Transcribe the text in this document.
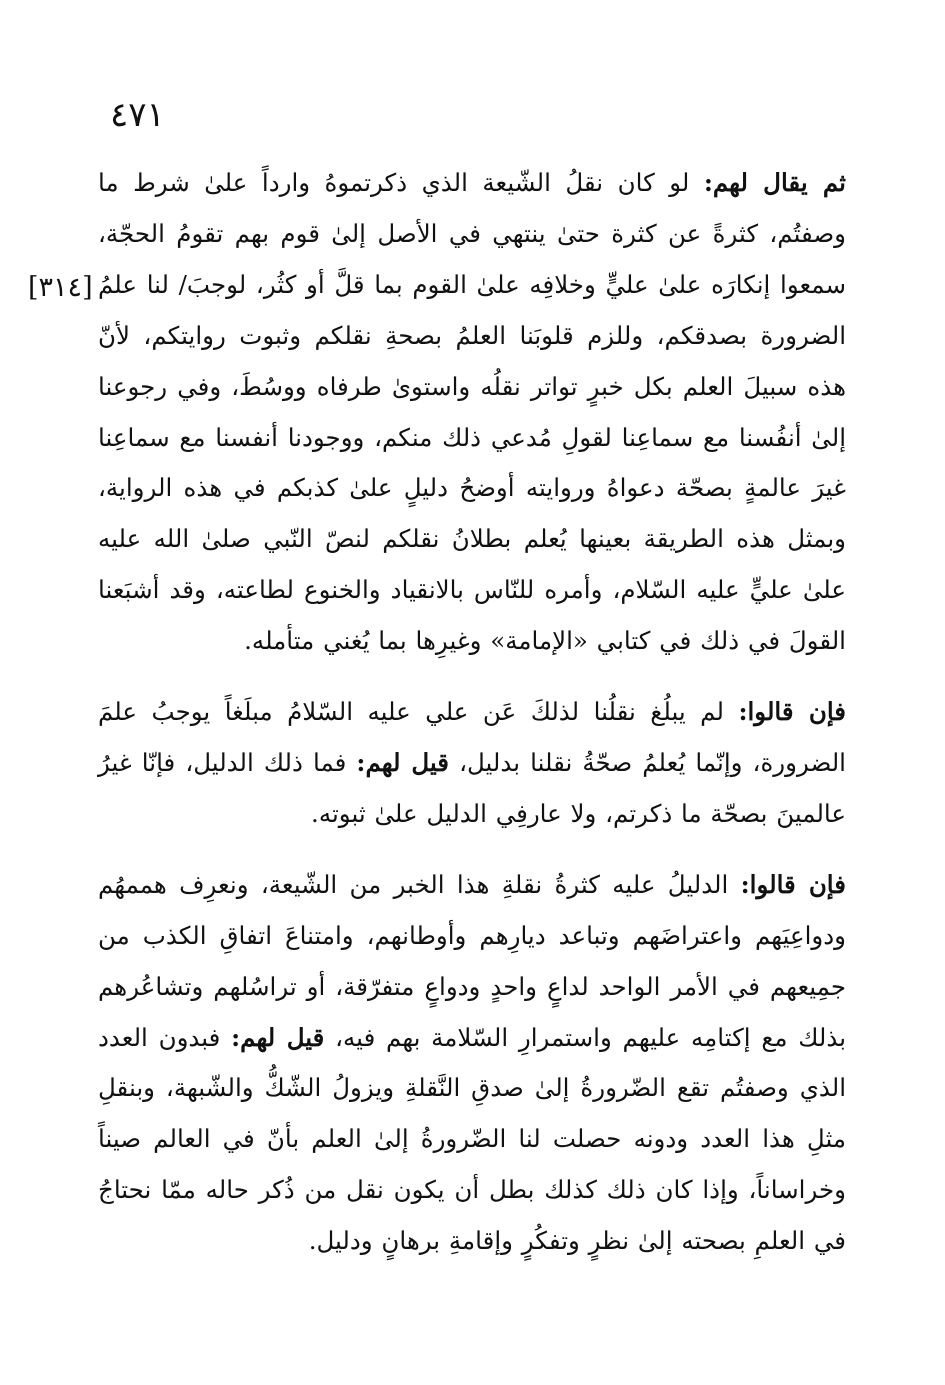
٤٧١
[٣١٤]

ثم يقال لهم: لو كان نقلُ الشّيعة الذي ذكرتموهُ وارداً علىٰ شرط ما وصفتُم، كثرةً عن كثرة حتىٰ ينتهي في الأصل إلىٰ قوم بهم تقومُ الحجّة، سمعوا إنكارَه علىٰ عليٍّ وخلافِه علىٰ القوم بما قلَّ أو كثُر، لوجبَ/ لنا علمُ الضرورة بصدقكم، وللزم قلوبَنا العلمُ بصحةِ نقلكم وثبوت روايتكم، لأنّ هذه سبيلَ العلم بكل خبرٍ تواتر نقلُه واستوىٰ طرفاه ووسُطَ، وفي رجوعنا إلىٰ أنفُسنا مع سماعِنا لقولِ مُدعي ذلك منكم، ووجودنا أنفسنا مع سماعِنا غيرَ عالمةٍ بصحّة دعواهُ وروايته أوضحُ دليلٍ علىٰ كذبكم في هذه الرواية، وبمثل هذه الطريقة بعينها يُعلم بطلانُ نقلكم لنصّ النّبي صلىٰ الله عليه علىٰ عليٍّ عليه السّلام، وأمره للنّاس بالانقياد والخنوع لطاعته، وقد أشبَعنا القولَ في ذلك في كتابي «الإمامة» وغيرِها بما يُغني متأمله.

فإن قالوا: لم يبلُغ نقلُنا لذلكَ عَن علي عليه السّلامُ مبلَغاً يوجبُ علمَ الضرورة، وإنّما يُعلمُ صحّةُ نقلنا بدليل، قيل لهم: فما ذلك الدليل، فإنّا غيرُ عالمينَ بصحّة ما ذكرتم، ولا عارفِي الدليل علىٰ ثبوته.

فإن قالوا: الدليلُ عليه كثرةُ نقلةِ هذا الخبر من الشّيعة، ونعرِف هممهُم ودواعِيَهم واعتراضَهم وتباعد ديارِهم وأوطانهم، وامتناعَ اتفاقِ الكذب من جمِيعهم في الأمر الواحد لداعٍ واحدٍ ودواعٍ متفرّقة، أو تراسُلهم وتشاعُرهم بذلك مع إكتامِه عليهم واستمرارِ السّلامة بهم فيه، قيل لهم: فبدون العدد الذي وصفتُم تقع الضّرورةُ إلىٰ صدقِ النَّقلةِ ويزولُ الشّكُّ والشّبهة، وبنقلِ مثلِ هذا العدد ودونه حصلت لنا الضّرورةُ إلىٰ العلم بأنّ في العالم صيناً وخراساناً، وإذا كان ذلك كذلك بطل أن يكون نقل من ذُكر حاله ممّا نحتاجُ في العلمِ بصحته إلىٰ نظرٍ وتفكُرٍ وإقامةِ برهانٍ ودليل.
